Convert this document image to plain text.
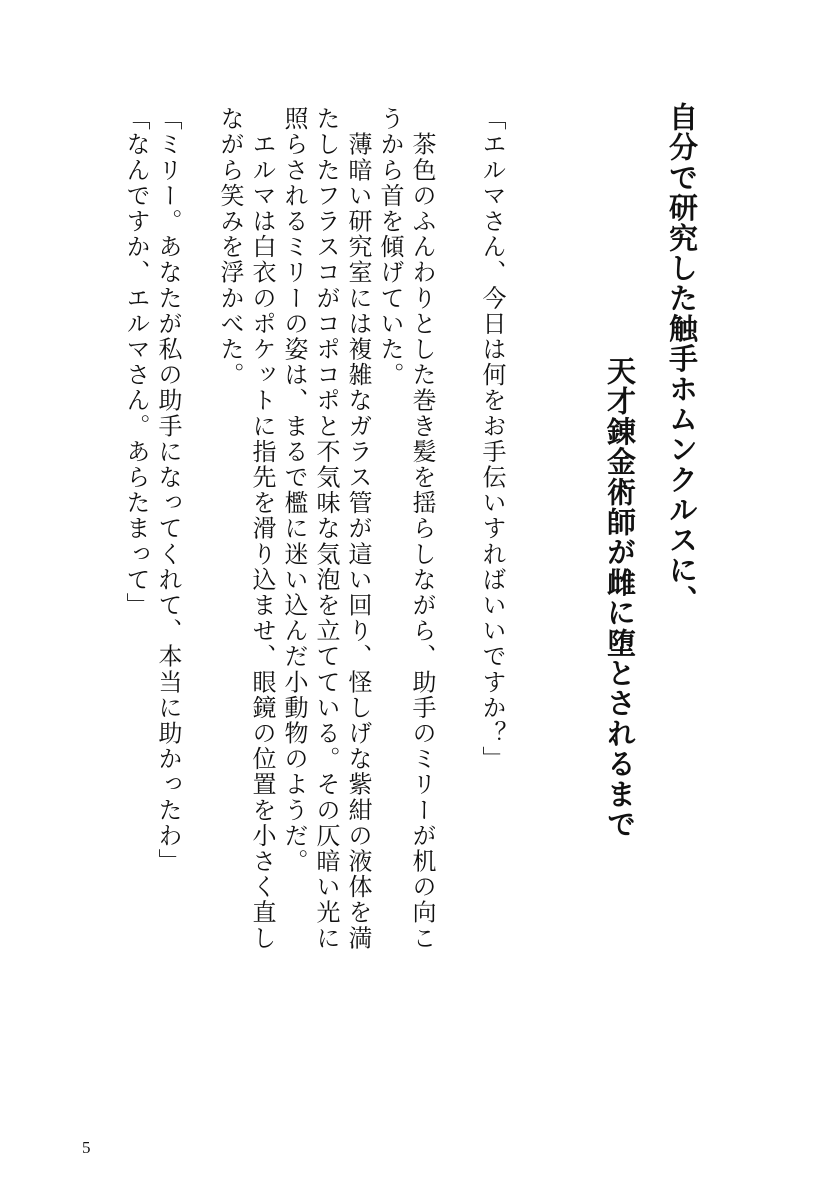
自分で研究した触手ホムンクルスに、
天才錬金術師が雌に堕とされるまで
「エルマさん、今日は何をお手伝いすればいいですか？」
　茶色のふんわりとした巻き髪を揺らしながら、助手のミリーが机の向こ
うから首を傾げていた。
　薄暗い研究室には複雑なガラス管が這い回り、怪しげな紫紺の液体を満
たしたフラスコがコポコポと不気味な気泡を立てている。その仄暗い光に
照らされるミリーの姿は、まるで檻に迷い込んだ小動物のようだ。
　エルマは白衣のポケットに指先を滑り込ませ、眼鏡の位置を小さく直し
ながら笑みを浮かべた。
「ミリー。あなたが私の助手になってくれて、本当に助かったわ」
「なんですか、エルマさん。あらたまって」
5
